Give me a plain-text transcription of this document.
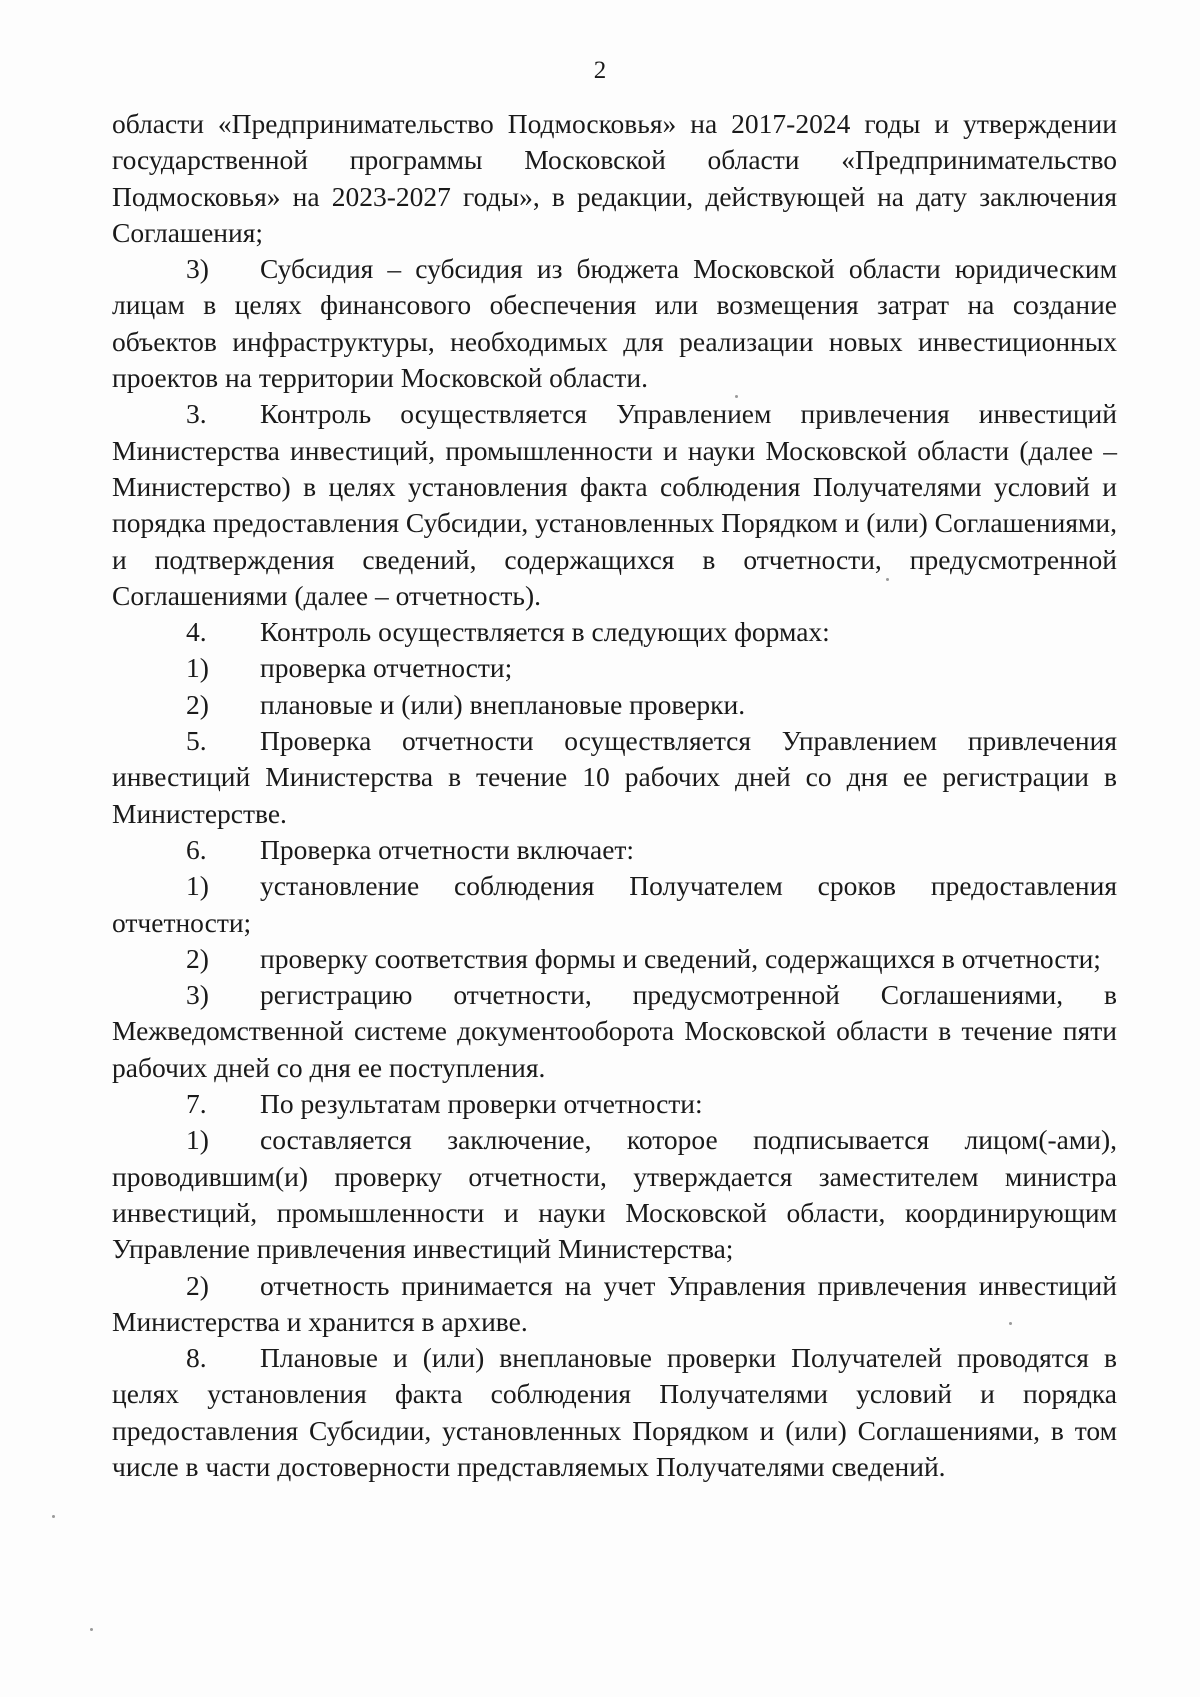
2

области «Предпринимательство Подмосковья» на 2017-2024 годы и утверждении государственной программы Московской области «Предпринимательство Подмосковья» на 2023-2027 годы», в редакции, действующей на дату заключения Соглашения;

3) Субсидия – субсидия из бюджета Московской области юридическим лицам в целях финансового обеспечения или возмещения затрат на создание объектов инфраструктуры, необходимых для реализации новых инвестиционных проектов на территории Московской области.

3. Контроль осуществляется Управлением привлечения инвестиций Министерства инвестиций, промышленности и науки Московской области (далее – Министерство) в целях установления факта соблюдения Получателями условий и порядка предоставления Субсидии, установленных Порядком и (или) Соглашениями, и подтверждения сведений, содержащихся в отчетности, предусмотренной Соглашениями (далее – отчетность).

4. Контроль осуществляется в следующих формах:

1) проверка отчетности;

2) плановые и (или) внеплановые проверки.

5. Проверка отчетности осуществляется Управлением привлечения инвестиций Министерства в течение 10 рабочих дней со дня ее регистрации в Министерстве.

6. Проверка отчетности включает:

1) установление соблюдения Получателем сроков предоставления отчетности;

2) проверку соответствия формы и сведений, содержащихся в отчетности;

3) регистрацию отчетности, предусмотренной Соглашениями, в Межведомственной системе документооборота Московской области в течение пяти рабочих дней со дня ее поступления.

7. По результатам проверки отчетности:

1) составляется заключение, которое подписывается лицом(-ами), проводившим(и) проверку отчетности, утверждается заместителем министра инвестиций, промышленности и науки Московской области, координирующим Управление привлечения инвестиций Министерства;

2) отчетность принимается на учет Управления привлечения инвестиций Министерства и хранится в архиве.

8. Плановые и (или) внеплановые проверки Получателей проводятся в целях установления факта соблюдения Получателями условий и порядка предоставления Субсидии, установленных Порядком и (или) Соглашениями, в том числе в части достоверности представляемых Получателями сведений.
